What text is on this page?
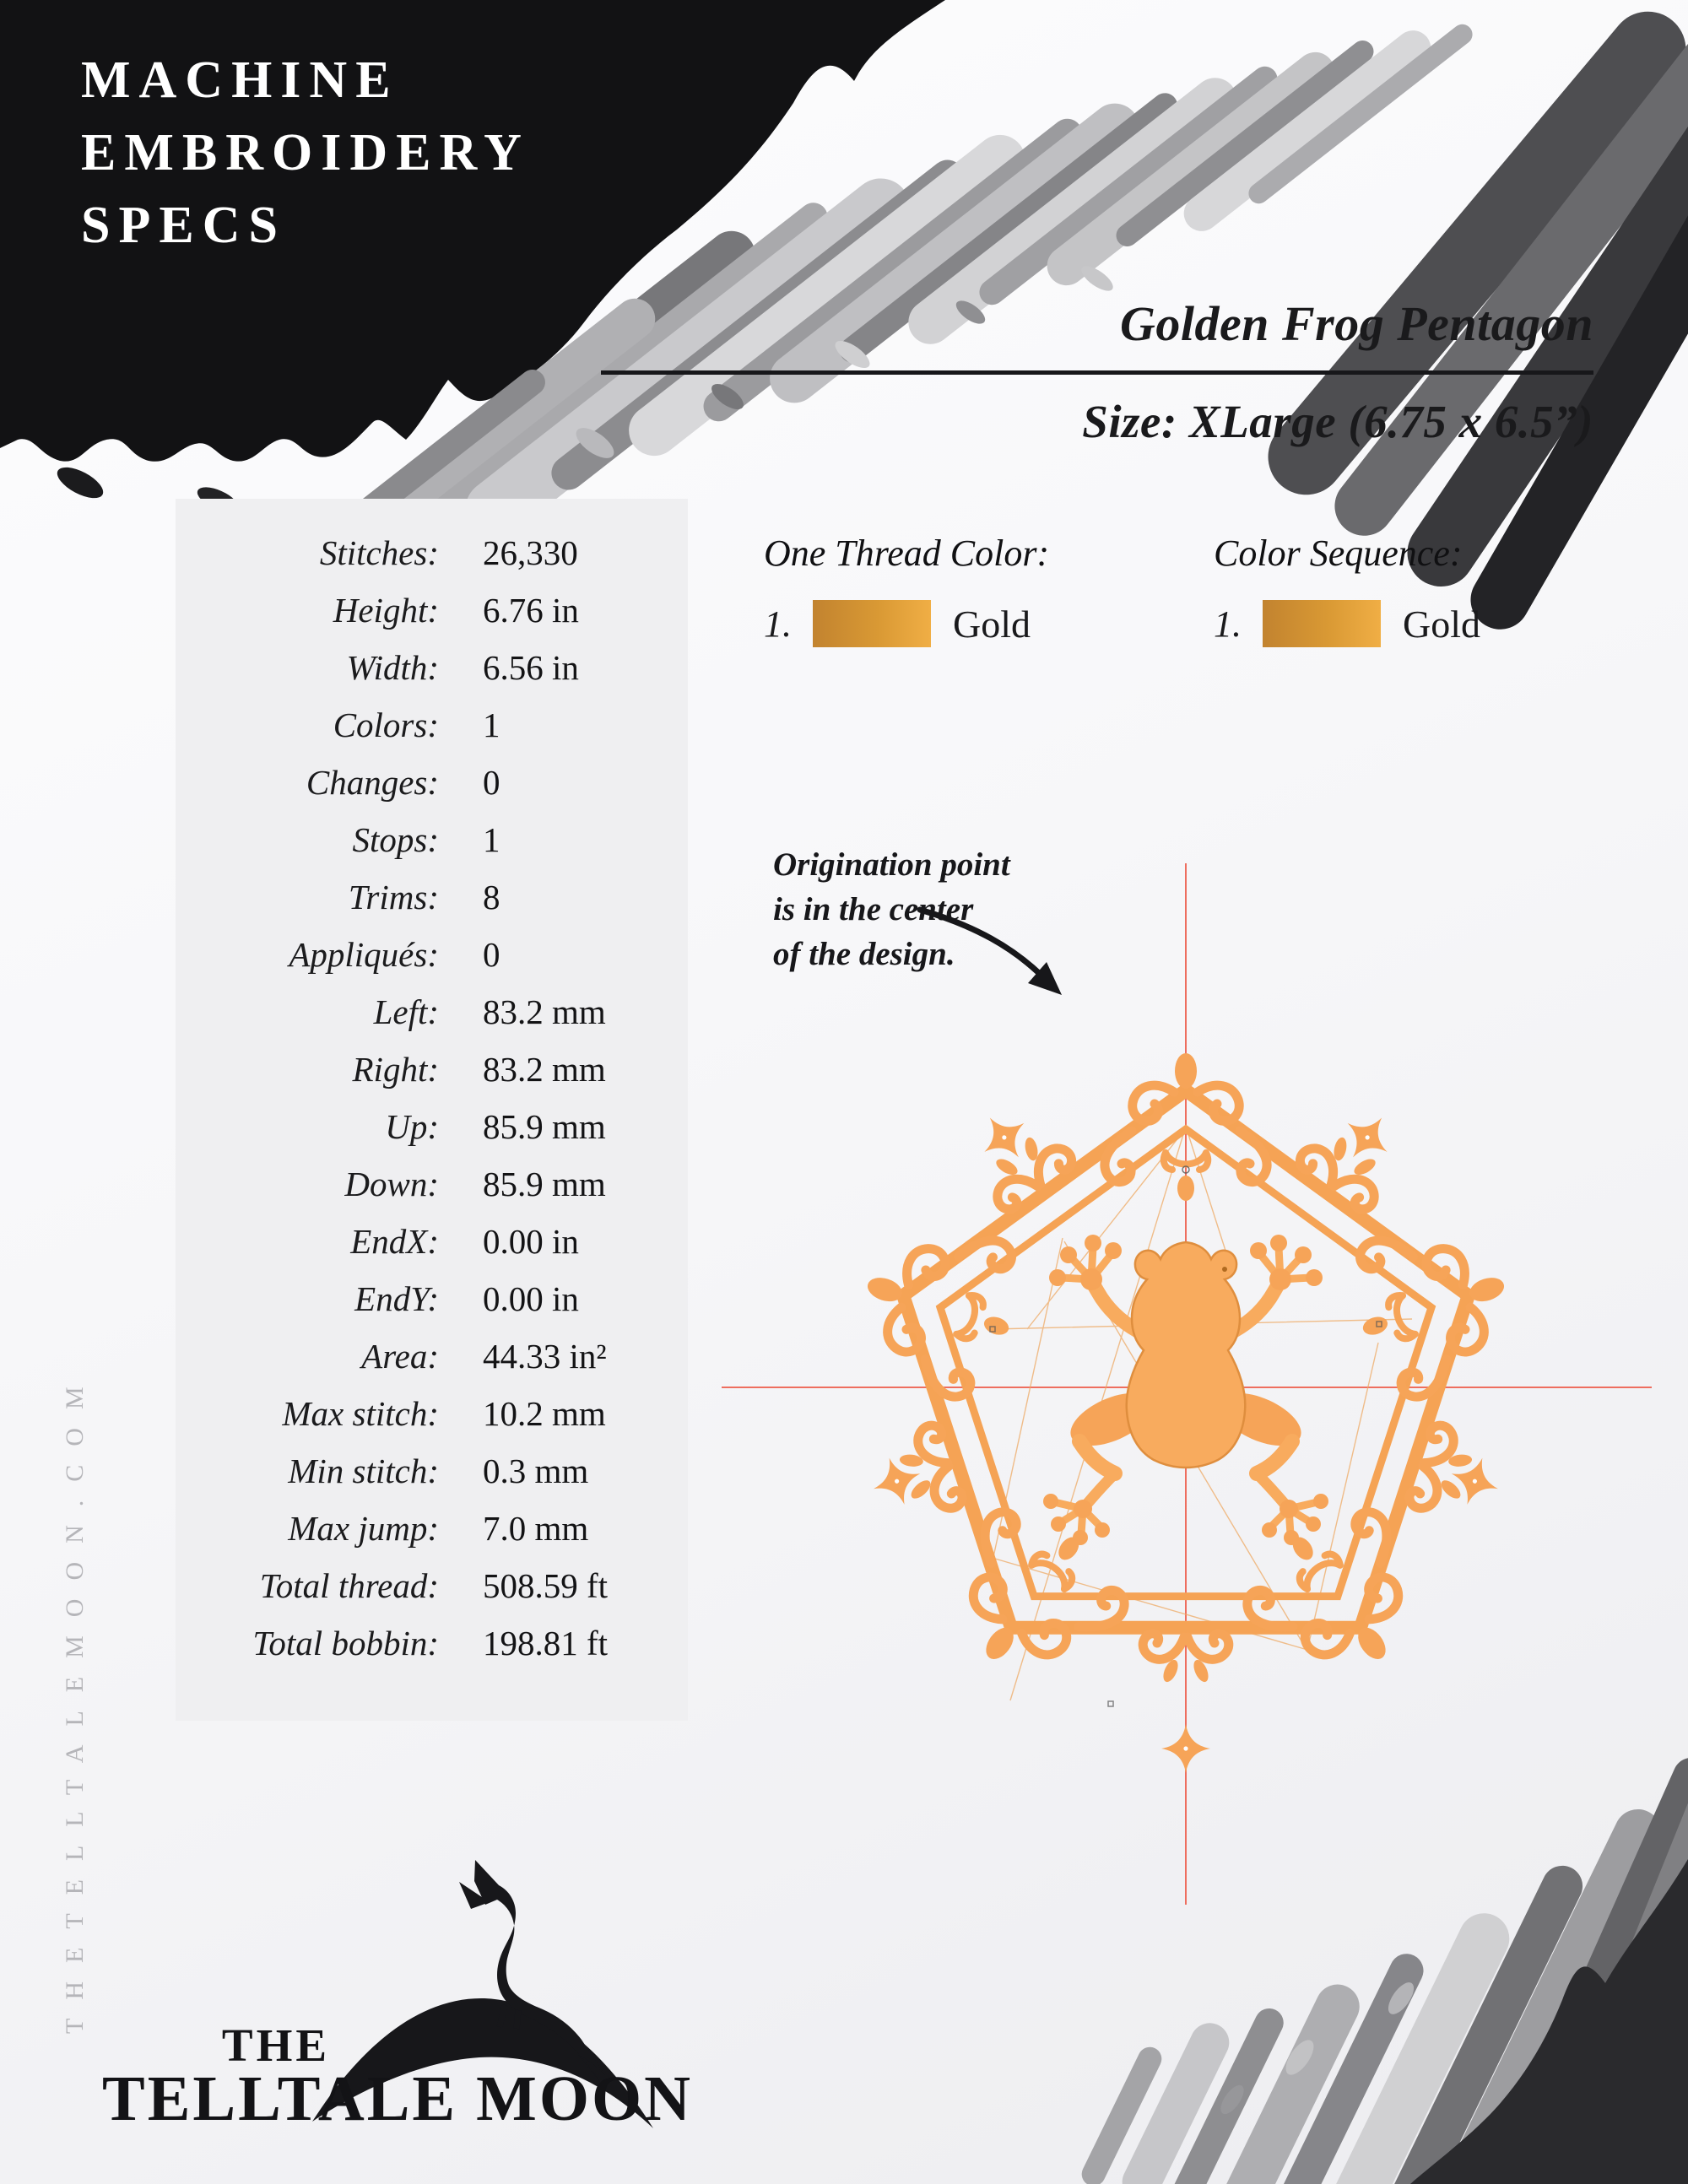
MACHINE
EMBROIDERY
SPECS
Golden Frog Pentagon
Size: XLarge (6.75 x 6.5”)
Stitches: 26,330
Height: 6.76 in
Width: 6.56 in
Colors: 1
Changes: 0
Stops: 1
Trims: 8
Appliqués: 0
Left: 83.2 mm
Right: 83.2 mm
Up: 85.9 mm
Down: 85.9 mm
EndX: 0.00 in
EndY: 0.00 in
Area: 44.33 in²
Max stitch: 10.2 mm
Min stitch: 0.3 mm
Max jump: 7.0 mm
Total thread: 508.59 ft
Total bobbin: 198.81 ft
One Thread Color:
1.	Gold
Color Sequence:
1.	Gold
Origination point
is in the center
of the design.
THETELLTALEMOON.COM
THE
TELLTALE MOON
